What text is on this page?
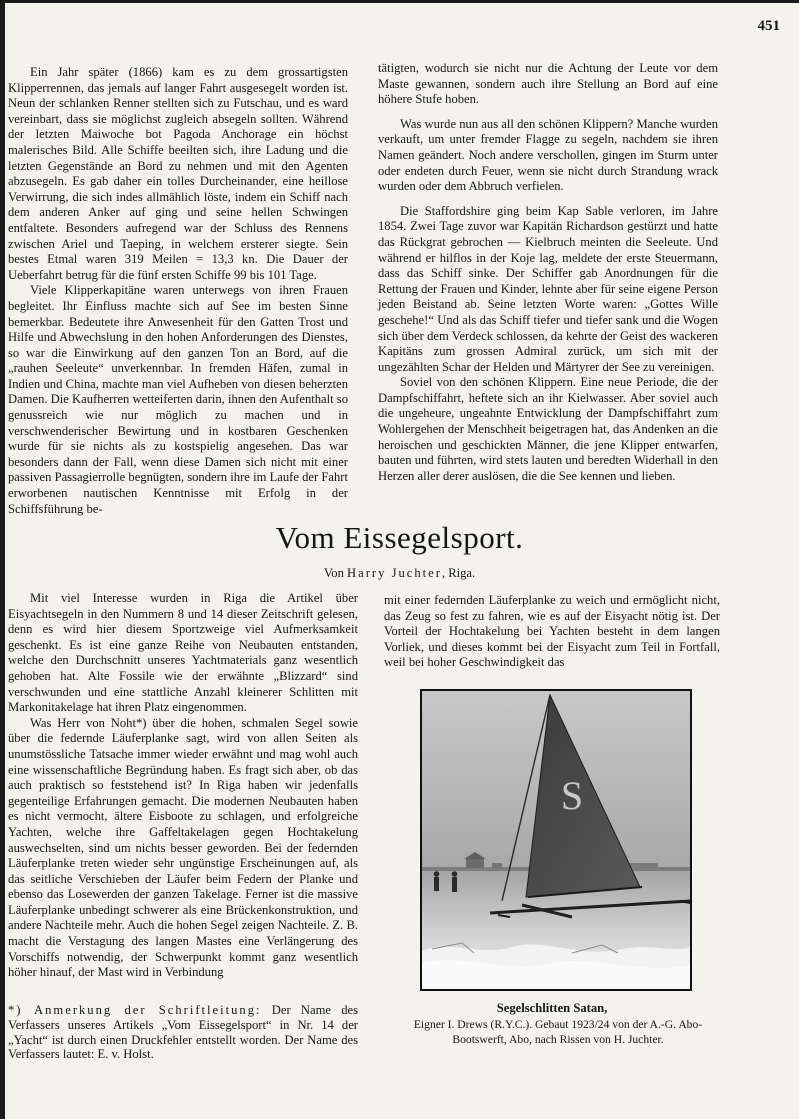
451

Ein Jahr später (1866) kam es zu dem grossartigsten Klipperrennen, das jemals auf langer Fahrt ausgesegelt worden ist. Neun der schlanken Renner stellten sich zu Futschau, und es ward vereinbart, dass sie möglichst zugleich absegeln sollten. Während der letzten Maiwoche bot Pagoda Anchorage ein höchst malerisches Bild. Alle Schiffe beeilten sich, ihre Ladung und die letzten Gegenstände an Bord zu nehmen und mit den Agenten abzusegeln. Es gab daher ein tolles Durcheinander, eine heillose Verwirrung, die sich indes allmählich löste, indem ein Schiff nach dem anderen Anker auf ging und seine hellen Schwingen entfaltete. Besonders aufregend war der Schluss des Rennens zwischen Ariel und Taeping, in welchem ersterer siegte. Sein bestes Etmal waren 319 Meilen = 13,3 kn. Die Dauer der Ueberfahrt betrug für die fünf ersten Schiffe 99 bis 101 Tage.

Viele Klipperkapitäne waren unterwegs von ihren Frauen begleitet. Ihr Einfluss machte sich auf See im besten Sinne bemerkbar. Bedeutete ihre Anwesenheit für den Gatten Trost und Hilfe und Abwechslung in den hohen Anforderungen des Dienstes, so war die Einwirkung auf den ganzen Ton an Bord, auf die „rauhen Seeleute“ unverkennbar. In fremden Häfen, zumal in Indien und China, machte man viel Aufheben von diesen beherzten Damen. Die Kaufherren wetteiferten darin, ihnen den Aufenthalt so genussreich wie nur möglich zu machen und in verschwenderischer Bewirtung und in kostbaren Geschenken wurde für sie nichts als zu kostspielig angesehen. Das war besonders dann der Fall, wenn diese Damen sich nicht mit einer passiven Passagierrolle begnügten, sondern ihre im Laufe der Fahrt erworbenen nautischen Kenntnisse mit Erfolg in der Schiffsführung be-

tätigten, wodurch sie nicht nur die Achtung der Leute vor dem Maste gewannen, sondern auch ihre Stellung an Bord auf eine höhere Stufe hoben.

Was wurde nun aus all den schönen Klippern? Manche wurden verkauft, um unter fremder Flagge zu segeln, nachdem sie ihren Namen geändert. Noch andere verschollen, gingen im Sturm unter oder endeten durch Feuer, wenn sie nicht durch Strandung wrack wurden oder dem Abbruch verfielen.

Die Staffordshire ging beim Kap Sable verloren, im Jahre 1854. Zwei Tage zuvor war Kapitän Richardson gestürzt und hatte das Rückgrat gebrochen — Kielbruch meinten die Seeleute. Und während er hilflos in der Koje lag, meldete der erste Steuermann, dass das Schiff sinke. Der Schiffer gab Anordnungen für die Rettung der Frauen und Kinder, lehnte aber für seine eigene Person jeden Beistand ab. Seine letzten Worte waren: „Gottes Wille geschehe!“ Und als das Schiff tiefer und tiefer sank und die Wogen sich über dem Verdeck schlossen, da kehrte der Geist des wackeren Kapitäns zum grossen Admiral zurück, um sich mit der ungezählten Schar der Helden und Märtyrer der See zu vereinigen.

Soviel von den schönen Klippern. Eine neue Periode, die der Dampfschiffahrt, heftete sich an ihr Kielwasser. Aber soviel auch die ungeheure, ungeahnte Entwicklung der Dampfschiffahrt zum Wohlergehen der Menschheit beigetragen hat, das Andenken an die heroischen und geschickten Männer, die jene Klipper entwarfen, bauten und führten, wird stets lauten und beredten Widerhall in den Herzen aller derer auslösen, die die See kennen und lieben.

Vom Eissegelsport.
Von Harry Juchter, Riga.

Mit viel Interesse wurden in Riga die Artikel über Eisyachtsegeln in den Nummern 8 und 14 dieser Zeitschrift gelesen, denn es wird hier diesem Sportzweige viel Aufmerksamkeit geschenkt. Es ist eine ganze Reihe von Neubauten entstanden, welche den Durchschnitt unseres Yachtmaterials ganz wesentlich gehoben hat. Alte Fossile wie der erwähnte „Blizzard“ sind verschwunden und eine stattliche Anzahl kleinerer Schlitten mit Markonitakelage hat ihren Platz eingenommen.

Was Herr von Noht*) über die hohen, schmalen Segel sowie über die federnde Läuferplanke sagt, wird von allen Seiten als unumstössliche Tatsache immer wieder erwähnt und mag wohl auch eine wissenschaftliche Begründung haben. Es fragt sich aber, ob das auch praktisch so feststehend ist? In Riga haben wir jedenfalls gegenteilige Erfahrungen gemacht. Die modernen Neubauten haben es nicht vermocht, ältere Eisboote zu schlagen, und erfolgreiche Yachten, welche ihre Gaffeltakelagen gegen Hochtakelung auswechselten, sind um nichts besser geworden. Bei der federnden Läuferplanke treten wieder sehr ungünstige Erscheinungen auf, als das seitliche Verschieben der Läufer beim Federn der Planke und ebenso das Losewerden der ganzen Takelage. Ferner ist die massive Läuferplanke unbedingt schwerer als eine Brückenkonstruktion, und andere Nachteile mehr. Auch die hohen Segel zeigen Nachteile. Z. B. macht die Verstagung des langen Mastes eine Verlängerung des Vorschiffs notwendig, der Schwerpunkt kommt ganz wesentlich höher hinauf, der Mast wird in Verbindung

*) Anmerkung der Schriftleitung: Der Name des Verfassers unseres Artikels „Vom Eissegelsport“ in Nr. 14 der „Yacht“ ist durch einen Druckfehler entstellt worden. Der Name des Verfassers lautet: E. v. Holst.

mit einer federnden Läuferplanke zu weich und ermöglicht nicht, das Zeug so fest zu fahren, wie es auf der Eisyacht nötig ist. Der Vorteil der Hochtakelung bei Yachten besteht in dem langen Vorliek, und dieses kommt bei der Eisyacht zum Teil in Fortfall, weil bei hoher Geschwindigkeit das

S
Segelschlitten Satan,
Eigner I. Drews (R.Y.C.). Gebaut 1923/24 von der A.-G. Abo-Bootswerft, Abo, nach Rissen von H. Juchter.
